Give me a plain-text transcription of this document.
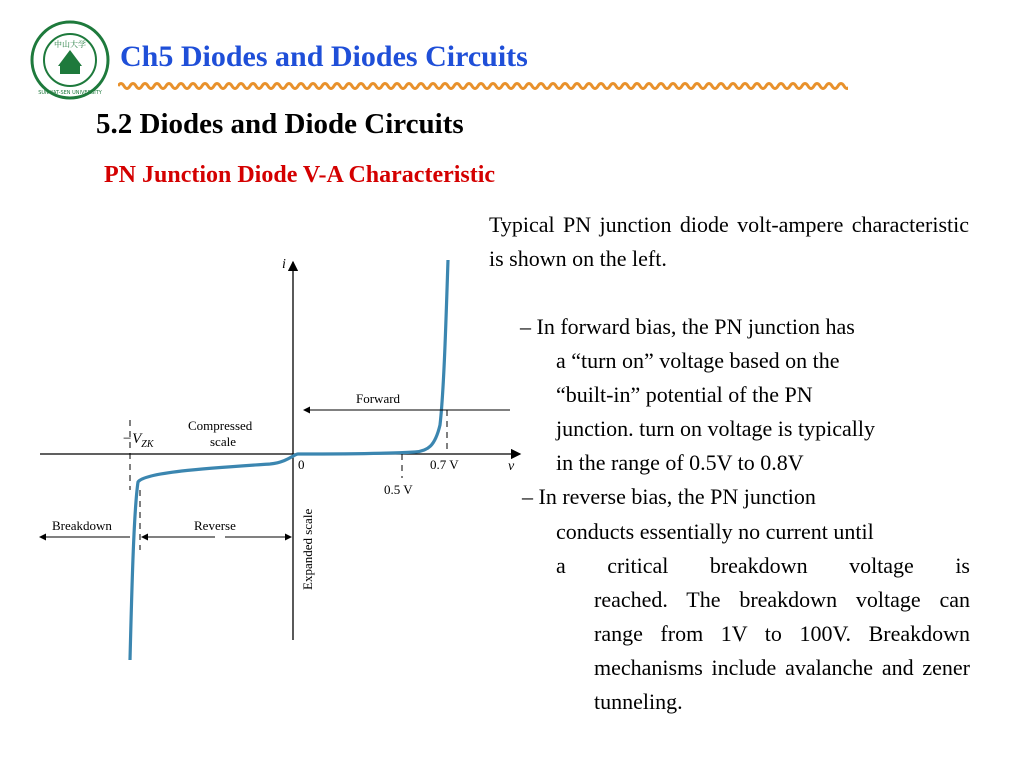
中山大学
SUN YAT-SEN UNIVERSITY
Ch5 Diodes and Diodes Circuits
5.2 Diodes and Diode Circuits
PN Junction Diode V-A Characteristic
i
v
0
Forward
Compressed
scale
$-V_{ZK}$
Breakdown	Reverse	Expanded scale
0.7 V
0.5 V
Typical PN junction diode volt-ampere characteristic is shown on the left.
– In forward bias, the PN junction has
a “turn on” voltage based on the
“built-in” potential of the PN
junction. turn on voltage is typically
in the range of 0.5V to 0.8V
– In reverse bias, the PN junction
conducts essentially no current until
a critical breakdown voltage is
reached. The breakdown voltage can range from 1V to 100V. Breakdown mechanisms include avalanche and zener tunneling.
